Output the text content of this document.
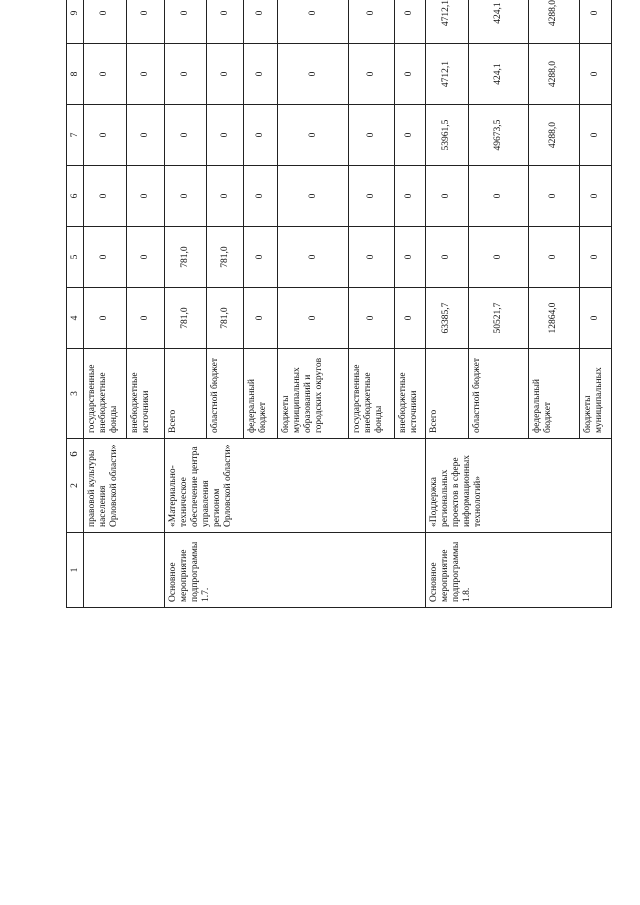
6
1	2	3	4	5	6	7	8	9	
	правовой культуры населения Орловской области»	государственные внебюджетные фонды	0	0	0	0	0	0	
		внебюджетные источники	0	0	0	0	0	0	
Основное мероприятие подпрограммы 1.7.	«Материально-техническое обеспечение центра управления регионом Орловской области»	Всего	781,0	781,0	0	0	0	0	
		областной бюджет	781,0	781,0	0	0	0	0	
		федеральный бюджет	0	0	0	0	0	0	
		бюджеты муниципальных образований и городских округов	0	0	0	0	0	0	
		государственные внебюджетные фонды	0	0	0	0	0	0	
		внебюджетные источники	0	0	0	0	0	0	
Основное мероприятие подпрограммы 1.8.	«Поддержка региональных проектов в сфере информационных технологий»	Всего	63385,7	0	0	53961,5	4712,1	4712,1	
		областной бюджет	50521,7	0	0	49673,5	424,1	424,1	
		федеральный бюджет	12864,0	0	0	4288,0	4288,0	4288,0	
		бюджеты муниципальных	0	0	0	0	0	0	
